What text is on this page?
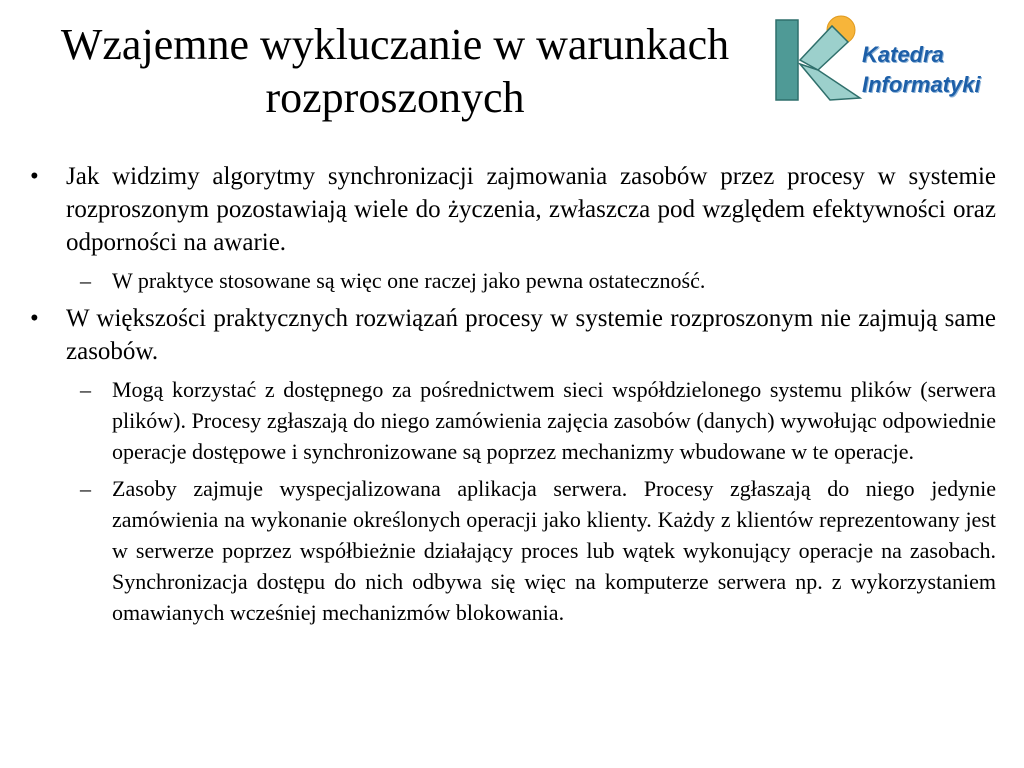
Wzajemne wykluczanie w warunkach
rozproszonych
Katedra
Informatyki

• Jak widzimy algorytmy synchronizacji zajmowania zasobów przez procesy w systemie rozproszonym pozostawiają wiele do życzenia, zwłaszcza pod względem efektywności oraz odporności na awarie.

– W praktyce stosowane są więc one raczej jako pewna ostateczność.

• W większości praktycznych rozwiązań procesy w systemie rozproszonym nie zajmują same zasobów.

– Mogą korzystać z dostępnego za pośrednictwem sieci współdzielonego systemu plików (serwera plików). Procesy zgłaszają do niego zamówienia zajęcia zasobów (danych) wywołując odpowiednie operacje dostępowe i synchronizowane są poprzez mechanizmy wbudowane w te operacje.

– Zasoby zajmuje wyspecjalizowana aplikacja serwera. Procesy zgłaszają do niego jedynie zamówienia na wykonanie określonych operacji jako klienty. Każdy z klientów reprezentowany jest w serwerze poprzez współbieżnie działający proces lub wątek wykonujący operacje na zasobach. Synchronizacja dostępu do nich odbywa się więc na komputerze serwera np. z wykorzystaniem omawianych wcześniej mechanizmów blokowania.
